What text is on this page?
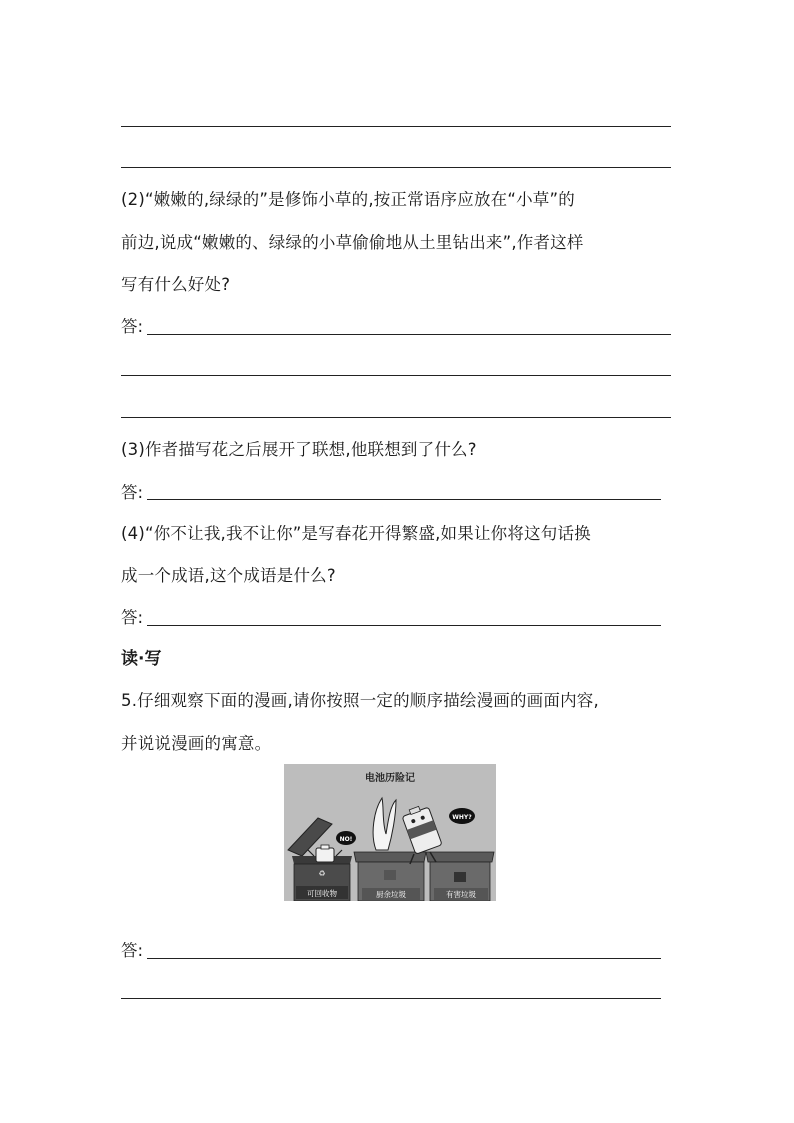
(2)“嫩嫩的,绿绿的”是修饰小草的,按正常语序应放在“小草”的
前边,说成“嫩嫩的、绿绿的小草偷偷地从土里钻出来”,作者这样
写有什么好处?
答:
(3)作者描写花之后展开了联想,他联想到了什么?
答:
(4)“你不让我,我不让你”是写春花开得繁盛,如果让你将这句话换
成一个成语,这个成语是什么?
答:
读·写
5.仔细观察下面的漫画,请你按照一定的顺序描绘漫画的画面内容,
并说说漫画的寓意。
电池历险记
♻
可回收物	厨余垃圾	有害垃圾
NO!
WHY?
答:
